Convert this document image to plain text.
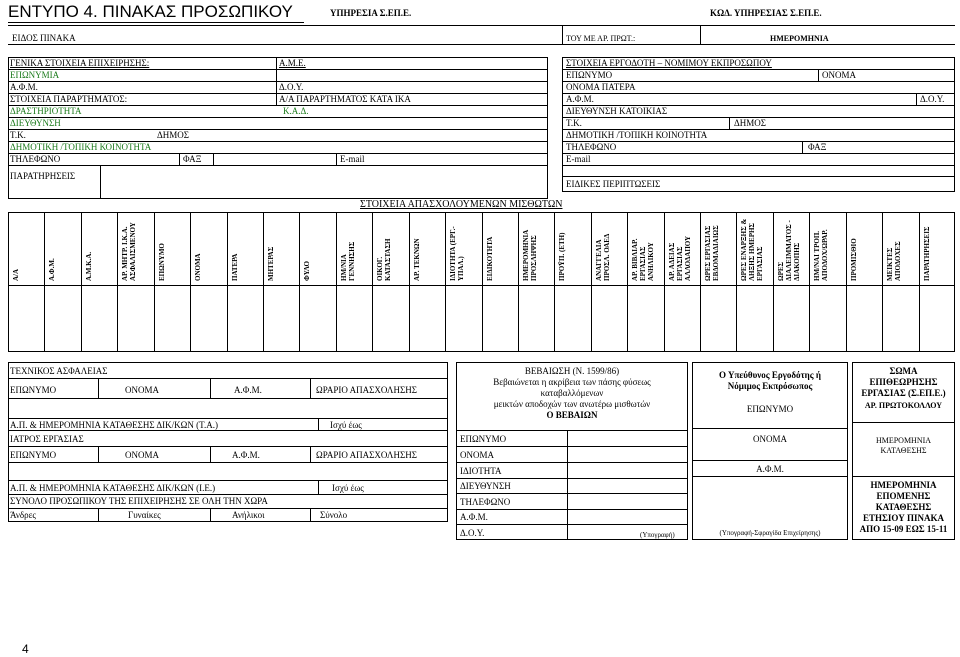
ΕΝΤΥΠΟ 4. ΠΙΝΑΚΑΣ ΠΡΟΣΩΠΙΚΟΥ	ΥΠΗΡΕΣΙΑ Σ.ΕΠ.Ε.	ΚΩΔ. ΥΠΗΡΕΣΙΑΣ Σ.ΕΠ.Ε.
ΕΙΔΟΣ ΠΙΝΑΚΑ	ΤΟΥ ΜΕ ΑΡ. ΠΡΩΤ.:	ΗΜΕΡΟΜΗΝΙΑ
ΓΕΝΙΚΑ ΣΤΟΙΧΕΙΑ ΕΠΙΧΕΙΡΗΣΗΣ:	Α.Μ.Ε.
ΕΠΩΝΥΜΙΑ
Α.Φ.Μ.	Δ.Ο.Υ.
ΣΤΟΙΧΕΙΑ ΠΑΡΑΡΤΗΜΑΤΟΣ:	Α/Α ΠΑΡΑΡΤΗΜΑΤΟΣ ΚΑΤΑ ΙΚΑ
ΔΡΑΣΤΗΡΙΟΤΗΤΑ	Κ.Α.Δ.
ΔΙΕΥΘΥΝΣΗ
Τ.Κ.	ΔΗΜΟΣ
ΔΗΜΟΤΙΚΗ /ΤΟΠΙΚΗ ΚΟΙΝΟΤΗΤΑ
ΤΗΛΕΦΩΝΟ	ΦΑΞ	E-mail
ΠΑΡΑΤΗΡΗΣΕΙΣ
ΣΤΟΙΧΕΙΑ ΕΡΓΟΔΟΤΗ – ΝΟΜΙΜΟΥ ΕΚΠΡΟΣΩΠΟΥ
ΕΠΩΝΥΜΟ	ΟΝΟΜΑ
ΟΝΟΜΑ ΠΑΤΕΡΑ
Α.Φ.Μ.	Δ.Ο.Υ.
ΔΙΕΥΘΥΝΣΗ ΚΑΤΟΙΚΙΑΣ
Τ.Κ.	ΔΗΜΟΣ
ΔΗΜΟΤΙΚΗ /ΤΟΠΙΚΗ ΚΟΙΝΟΤΗΤΑ
ΤΗΛΕΦΩΝΟ	ΦΑΞ
E-mail
ΕΙΔΙΚΕΣ ΠΕΡΙΠΤΩΣΕΙΣ
ΣΤΟΙΧΕΙΑ ΑΠΑΣΧΟΛΟΥΜΕΝΩΝ ΜΙΣΘΩΤΩΝ
Α/Α	Α.Φ.Μ.	Α.Μ.Κ.Α.	ΑΡ. ΜΗΤΡ. Ι.Κ.Α. ΑΣΦΑΛΙΣΜΕΝΟΥ	ΕΠΩΝΥΜΟ	ΟΝΟΜΑ	ΠΑΤΕΡΑ	ΜΗΤΕΡΑΣ	ΦΥΛΟ	ΗΜ/ΝΙΑ ΓΕΝΝΗΣΗΣ	ΟΙΚΟΓ. ΚΑΤΑΣΤΑΣΗ	ΑΡ. ΤΕΚΝΩΝ	ΙΔΙΟΤΗΤΑ (ΕΡΓ.-ΥΠΑΛ.)	ΕΙΔΙΚΟΤΗΤΑ	ΗΜΕΡΟΜΗΝΙΑ ΠΡΟΣΛΗΨΗΣ	ΠΡΟΫΠ. (ΕΤΗ)	ΑΝΑΓΓΕΛΙΑ ΠΡΟΣΛ. ΟΑΕΔ	ΑΡ. ΒΙΒΛΙΑΡ. ΕΡΓΑΣΙΑΣ ΑΝΗΛΙΚΟΥ	ΑΡ. ΑΔΕΙΑΣ ΕΡΓΑΣΙΑΣ ΑΛΛΟΔΑΠΟΥ	ΩΡΕΣ ΕΡΓΑΣΙΑΣ ΕΒΔΟΜΑΔΙΑΙΩΣ	ΩΡΕΣ ΕΝΑΡΞΗΣ & ΛΗΞΗΣ ΗΜΕΡΗΣ ΕΡΓΑΣΙΑΣ	ΩΡΕΣ ΔΙΑΛΕΙΜΜΑΤΟΣ - ΔΙΑΚΟΠΗΣ	ΗΜ/ΝΑΙ ΤΡΟΠ. ΑΠΟΔΟΧ/ΩΡΑΡ.	ΠΡΟΜΙΣΘΙΟ	ΜΕΙΚΤΕΣ ΑΠΟΔΟΧΕΣ	ΠΑΡΑΤΗΡΗΣΕΙΣ
ΤΕΧΝΙΚΟΣ ΑΣΦΑΛΕΙΑΣ
ΕΠΩΝΥΜΟ	ΟΝΟΜΑ	Α.Φ.Μ.	ΩΡΑΡΙΟ ΑΠΑΣΧΟΛΗΣΗΣ
Α.Π. & ΗΜΕΡΟΜΗΝΙΑ ΚΑΤΑΘΕΣΗΣ ΔΙΚ/ΚΩΝ (Τ.Α.)	Ισχύ έως
ΙΑΤΡΟΣ ΕΡΓΑΣΙΑΣ
ΕΠΩΝΥΜΟ	ΟΝΟΜΑ	Α.Φ.Μ.	ΩΡΑΡΙΟ ΑΠΑΣΧΟΛΗΣΗΣ
Α.Π. & ΗΜΕΡΟΜΗΝΙΑ ΚΑΤΑΘΕΣΗΣ ΔΙΚ/ΚΩΝ (Ι.Ε.)	Ισχύ έως
ΣΥΝΟΛΟ ΠΡΟΣΩΠΙΚΟΥ ΤΗΣ ΕΠΙΧΕΙΡΗΣΗΣ ΣΕ ΟΛΗ ΤΗΝ ΧΩΡΑ
Άνδρες	Γυναίκες	Ανήλικοι	Σύνολο
ΒΕΒΑΙΩΣΗ (Ν. 1599/86)
Βεβαιώνεται η ακρίβεια των πάσης φύσεως
καταβαλλόμενων
μεικτών αποδοχών των ανωτέρω μισθωτών
Ο ΒΕΒΑΙΩΝ
ΕΠΩΝΥΜΟ
ΟΝΟΜΑ
ΙΔΙΟΤΗΤΑ
ΔΙΕΥΘΥΝΣΗ
ΤΗΛΕΦΩΝΟ
Α.Φ.Μ.
Δ.Ο.Υ.	(Υπογραφή)
Ο Υπεύθυνος Εργοδότης ή
Νόμιμος Εκπρόσωπος
ΕΠΩΝΥΜΟ
ΟΝΟΜΑ
Α.Φ.Μ.
(Υπογραφή-Σφραγίδα Επιχείρησης)
ΣΩΜΑ
ΕΠΙΘΕΩΡΗΣΗΣ
ΕΡΓΑΣΙΑΣ (Σ.ΕΠ.Ε.)
ΑΡ. ΠΡΩΤΟΚΟΛΛΟΥ
ΗΜΕΡΟΜΗΝΙΑ
ΚΑΤΑΘΕΣΗΣ
ΗΜΕΡΟΜΗΝΙΑ
ΕΠΟΜΕΝΗΣ
ΚΑΤΑΘΕΣΗΣ
ΕΤΗΣΙΟΥ ΠΙΝΑΚΑ
ΑΠΟ 15-09 ΕΩΣ 15-11
4
